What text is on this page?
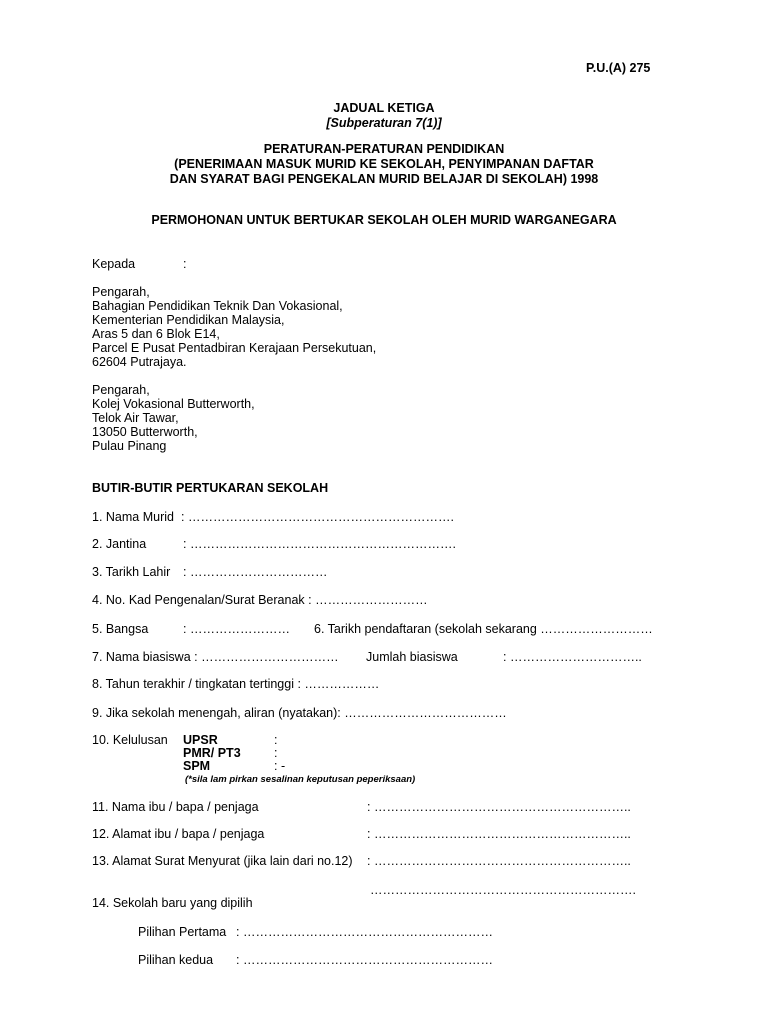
P.U.(A) 275
JADUAL KETIGA
[Subperaturan 7(1)]
PERATURAN-PERATURAN PENDIDIKAN
(PENERIMAAN MASUK MURID KE SEKOLAH, PENYIMPANAN DAFTAR
DAN SYARAT BAGI PENGEKALAN MURID BELAJAR DI SEKOLAH) 1998
PERMOHONAN UNTUK BERTUKAR SEKOLAH OLEH MURID WARGANEGARA
Kepada	:
Pengarah,
Bahagian Pendidikan Teknik Dan Vokasional,
Kementerian Pendidikan Malaysia,
Aras 5 dan 6 Blok E14,
Parcel E Pusat Pentadbiran Kerajaan Persekutuan,
62604 Putrajaya.
Pengarah,
Kolej Vokasional Butterworth,
Telok Air Tawar,
13050 Butterworth,
Pulau Pinang
BUTIR-BUTIR PERTUKARAN SEKOLAH
1. Nama Murid : ……………………………………………………….
2. Jantina	: ……………………………………………………….
3. Tarikh Lahir : ……………………………
4. No. Kad Pengenalan/Surat Beranak : ………………………
5. Bangsa	: …………………… 6. Tarikh pendaftaran (sekolah sekarang ………………………
7. Nama biasiswa : …………………………… Jumlah biasiswa	: …………………………..
8. Tahun terakhir / tingkatan tertinggi : ………………
9. Jika sekolah menengah, aliran (nyatakan): …………………………………
10. Kelulusan UPSR	:
PMR/ PT3	:
SPM	: -
(*sila lam pirkan sesalinan keputusan peperiksaan)
11. Nama ibu / bapa / penjaga	: ……………………………………………………..
12. Alamat ibu / bapa / penjaga	: ……………………………………………………..
13. Alamat Surat Menyurat (jika lain dari no.12) : ……………………………………………………..
……………………………………………………….
14. Sekolah baru yang dipilih
Pilihan Pertama : ……………………………………………………
Pilihan kedua : ……………………………………………………
